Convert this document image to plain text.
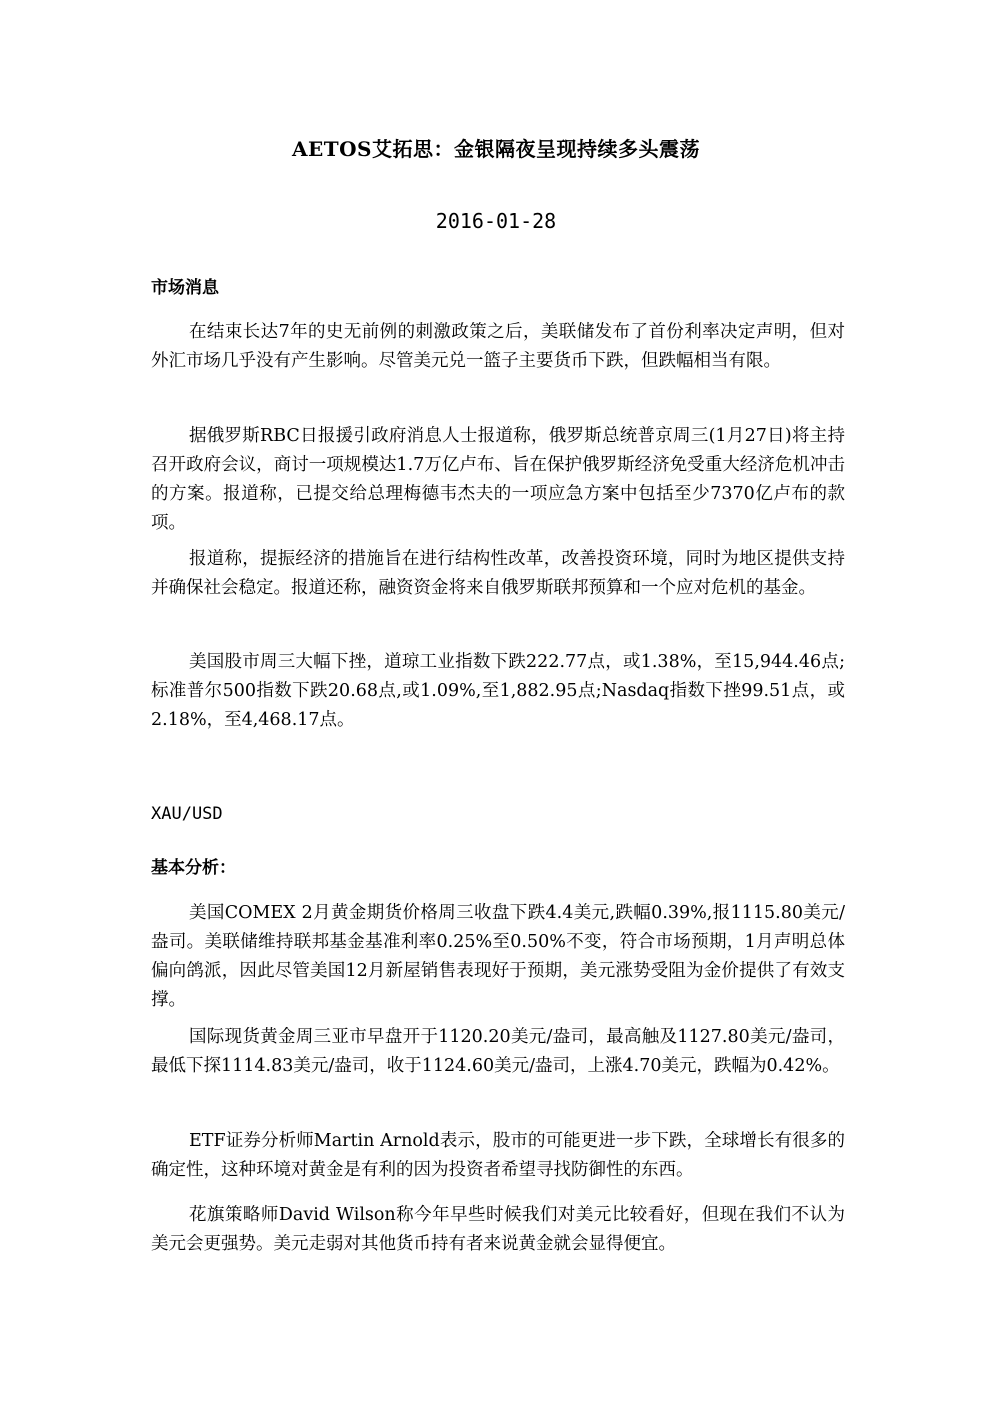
AETOS艾拓思：金银隔夜呈现持续多头震荡
2016-01-28
市场消息

在结束长达7年的史无前例的刺激政策之后，美联储发布了首份利率决定声明，但对外汇市场几乎没有产生影响。尽管美元兑一篮子主要货币下跌，但跌幅相当有限。

据俄罗斯RBC日报援引政府消息人士报道称，俄罗斯总统普京周三(1月27日)将主持召开政府会议，商讨一项规模达1.7万亿卢布、旨在保护俄罗斯经济免受重大经济危机冲击的方案。报道称，已提交给总理梅德韦杰夫的一项应急方案中包括至少7370亿卢布的款项。

报道称，提振经济的措施旨在进行结构性改革，改善投资环境，同时为地区提供支持并确保社会稳定。报道还称，融资资金将来自俄罗斯联邦预算和一个应对危机的基金。

美国股市周三大幅下挫，道琼工业指数下跌222.77点，或1.38%，至15,944.46点;标准普尔500指数下跌20.68点,或1.09%,至1,882.95点;Nasdaq指数下挫99.51点，或2.18%，至4,468.17点。

XAU/USD
基本分析：

美国COMEX 2月黄金期货价格周三收盘下跌4.4美元,跌幅0.39%,报1115.80美元/盎司。美联储维持联邦基金基准利率0.25%至0.50%不变，符合市场预期，1月声明总体偏向鸽派，因此尽管美国12月新屋销售表现好于预期，美元涨势受阻为金价提供了有效支撑。

国际现货黄金周三亚市早盘开于1120.20美元/盎司，最高触及1127.80美元/盎司，最低下探1114.83美元/盎司，收于1124.60美元/盎司，上涨4.70美元，跌幅为0.42%。

ETF证券分析师Martin Arnold表示，股市的可能更进一步下跌，全球增长有很多的确定性，这种环境对黄金是有利的因为投资者希望寻找防御性的东西。

花旗策略师David Wilson称今年早些时候我们对美元比较看好，但现在我们不认为美元会更强势。美元走弱对其他货币持有者来说黄金就会显得便宜。
